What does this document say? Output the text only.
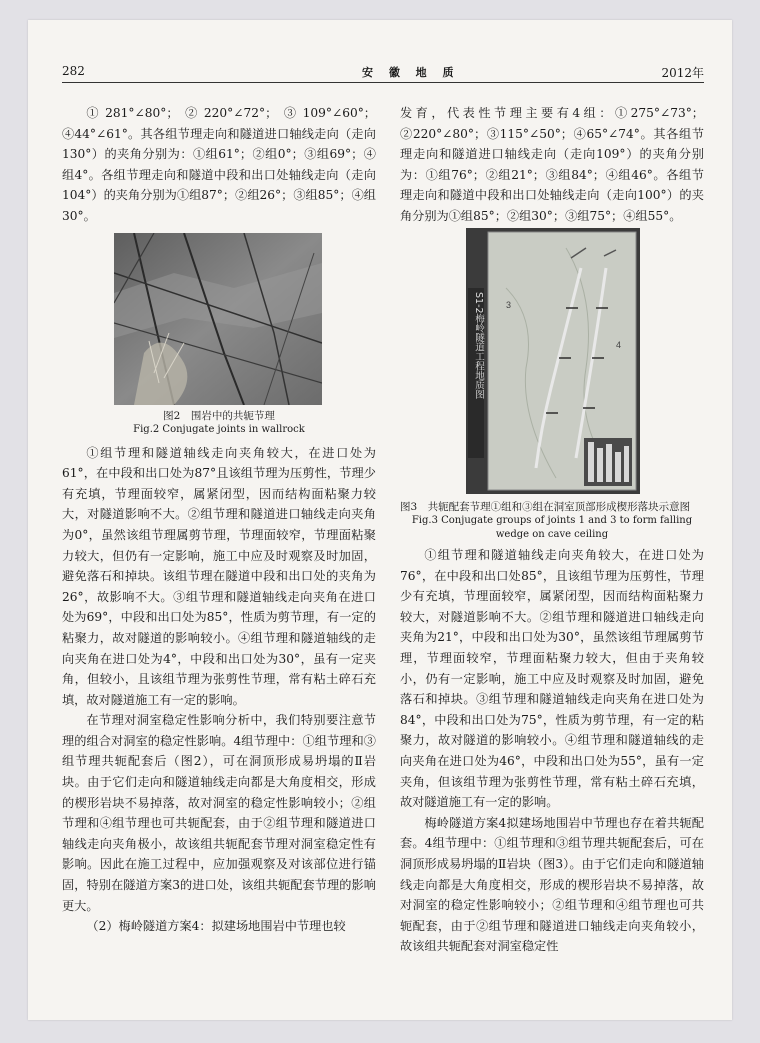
282	安 徽 地 质	2012年

①281°∠80°；②220°∠72°；③109°∠60°；④44°∠61°。其各组节理走向和隧道进口轴线走向（走向130°）的夹角分别为：①组61°；②组0°；③组69°；④组4°。各组节理走向和隧道中段和出口处轴线走向（走向104°）的夹角分别为①组87°；②组26°；③组85°；④组30°。

图2　围岩中的共轭节理
Fig.2 Conjugate joints in wallrock

①组节理和隧道轴线走向夹角较大，在进口处为61°，在中段和出口处为87°且该组节理为压剪性，节理少有充填，节理面较窄，属紧闭型，因而结构面粘聚力较大，对隧道影响不大。②组节理和隧道进口轴线走向夹角为0°，虽然该组节理属剪节理，节理面较窄，节理面粘聚力较大，但仍有一定影响，施工中应及时观察及时加固，避免落石和掉块。该组节理在隧道中段和出口处的夹角为26°，故影响不大。③组节理和隧道轴线走向夹角在进口处为69°，中段和出口处为85°，性质为剪节理，有一定的粘聚力，故对隧道的影响较小。④组节理和隧道轴线的走向夹角在进口处为4°，中段和出口处为30°，虽有一定夹角，但较小，且该组节理为张剪性节理，常有粘土碎石充填，故对隧道施工有一定的影响。

在节理对洞室稳定性影响分析中，我们特别要注意节理的组合对洞室的稳定性影响。4组节理中：①组节理和③组节理共轭配套后（图2），可在洞顶形成易坍塌的Ⅱ岩块。由于它们走向和隧道轴线走向都是大角度相交，形成的楔形岩块不易掉落，故对洞室的稳定性影响较小；②组节理和④组节理也可共轭配套，由于②组节理和隧道进口轴线走向夹角极小，故该组共轭配套节理对洞室稳定性有影响。因此在施工过程中，应加强观察及对该部位进行锚固，特别在隧道方案3的进口处，该组共轭配套节理的影响更大。

（2）梅岭隧道方案4：拟建场地围岩中节理也较

发育，代表性节理主要有4组：①275°∠73°；②220°∠80°；③115°∠50°；④65°∠74°。其各组节理走向和隧道进口轴线走向（走向109°）的夹角分别为：①组76°；②组21°；③组84°；④组46°。各组节理走向和隧道中段和出口处轴线走向（走向100°）的夹角分别为①组85°；②组30°；③组75°；④组55°。

3
4
S1-2梅岭隧道工程地质图
图3　共轭配套节理①组和③组在洞室顶部形成楔形落块示意图
Fig.3 Conjugate groups of joints 1 and 3 to form falling wedge on cave ceiling

①组节理和隧道轴线走向夹角较大，在进口处为76°，在中段和出口处85°，且该组节理为压剪性，节理少有充填，节理面较窄，属紧闭型，因而结构面粘聚力较大，对隧道影响不大。②组节理和隧道进口轴线走向夹角为21°，中段和出口处为30°，虽然该组节理属剪节理，节理面较窄，节理面粘聚力较大，但由于夹角较小，仍有一定影响，施工中应及时观察及时加固，避免落石和掉块。③组节理和隧道轴线走向夹角在进口处为84°，中段和出口处为75°，性质为剪节理，有一定的粘聚力，故对隧道的影响较小。④组节理和隧道轴线的走向夹角在进口处为46°，中段和出口处为55°，虽有一定夹角，但该组节理为张剪性节理，常有粘土碎石充填，故对隧道施工有一定的影响。

梅岭隧道方案4拟建场地围岩中节理也存在着共轭配套。4组节理中：①组节理和③组节理共轭配套后，可在洞顶形成易坍塌的Ⅱ岩块（图3）。由于它们走向和隧道轴线走向都是大角度相交，形成的楔形岩块不易掉落，故对洞室的稳定性影响较小；②组节理和④组节理也可共轭配套，由于②组节理和隧道进口轴线走向夹角较小，故该组共轭配套对洞室稳定性
